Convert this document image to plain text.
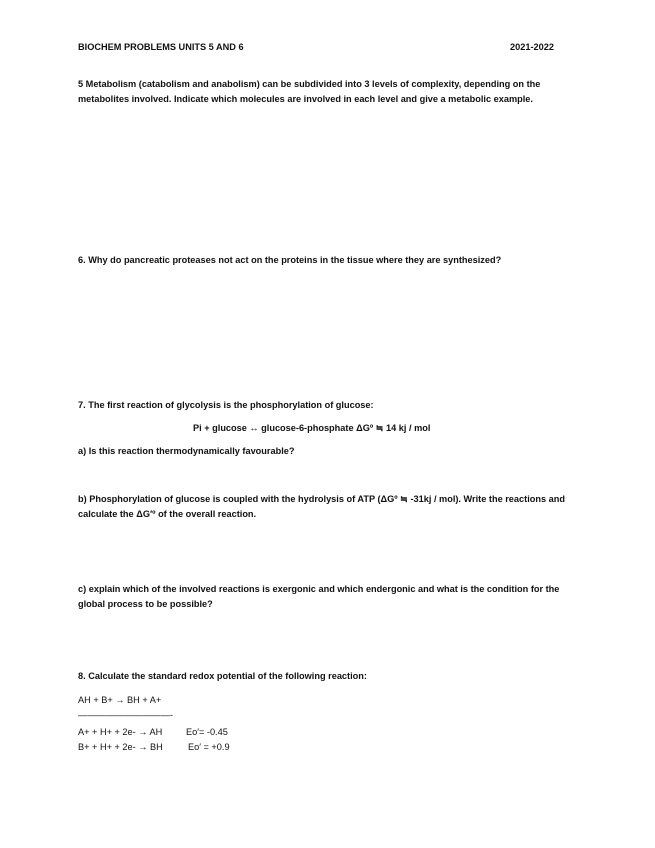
BIOCHEM PROBLEMS UNITS 5 AND 6	2021-2022
5 Metabolism (catabolism and anabolism) can be subdivided into 3 levels of complexity, depending on the metabolites involved. Indicate which molecules are involved in each level and give a metabolic example.
6. Why do pancreatic proteases not act on the proteins in the tissue where they are synthesized?
7. The first reaction of glycolysis is the phosphorylation of glucose:
Pi + glucose ↔ glucose-6-phosphate ΔGº ≒ 14 kj / mol
a) Is this reaction thermodynamically favourable?
b) Phosphorylation of glucose is coupled with the hydrolysis of ATP (ΔGº ≒ -31kj / mol). Write the reactions and calculate the ΔG′º of the overall reaction.
c) explain which of the involved reactions is exergonic and which endergonic and what is the condition for the global process to be possible?
8. Calculate the standard redox potential of the following reaction:
AH + B+ → BH + A+
——————————-
A+ + H+ + 2e- → AH	Eo′= -0.45
B+ + H+ + 2e- → BH	Eo′ = +0.9
